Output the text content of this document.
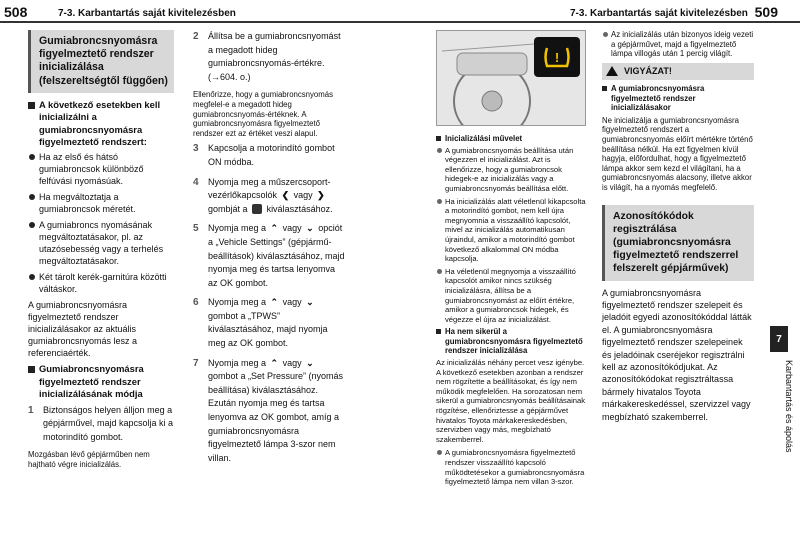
508	7-3. Karbantartás saját kivitelezésben	7-3. Karbantartás saját kivitelezésben 509
Gumiabroncsnyomásra figyelmeztető rendszer inicializálása (felszereltségtől függően)
A következő esetekben kell inicializálni a gumiabroncsnyomásra figyelmeztető rendszert:
Ha az első és hátsó gumiabroncsok különböző felfúvási nyomásúak.
Ha megváltoztatja a gumiabroncsok méretét.
A gumiabroncs nyomásának megváltoztatásakor, pl. az utazósebesség vagy a terhelés megváltoztatásakor.
Két tárolt kerék-garnitúra közötti váltáskor.
A gumiabroncsnyomásra figyelmeztető rendszer inicializálásakor az aktuális gumiabroncsnyomás lesz a referenciaérték.
Gumiabroncsnyomásra figyelmeztető rendszer inicializálásának módja
1 Biztonságos helyen álljon meg a gépjárművel, majd kapcsolja ki a motorindító gombot.
Mozgásban lévő gépjárműben nem hajtható végre inicializálás.
2 Állítsa be a gumiabroncsnyomást a megadott hideg gumiabroncsnyomás-értékre. (→604. o.)
Ellenőrizze, hogy a gumiabroncsnyomás megfelel-e a megadott hideg gumiabroncsnyomás-értéknek. A gumiabroncsnyomásra figyelmeztető rendszer ezt az értéket veszi alapul.
3 Kapcsolja a motorindító gombot ON módba.
4 Nyomja meg a műszercsoport-vezérlőkapcsolók ❮ vagy ❯ gombját a kiválasztásához.
5 Nyomja meg a ⌃ vagy ⌄ opciót a „Vehicle Settings” (gépjármű-beállítások) kiválasztásához, majd nyomja meg és tartsa lenyomva az OK gombot.
6 Nyomja meg a ⌃ vagy ⌄ gombot a „TPWS” kiválasztásához, majd nyomja meg az OK gombot.
7 Nyomja meg a ⌃ vagy ⌄ gombot a „Set Pressure” (nyomás beállítása) kiválasztásához. Ezután nyomja meg és tartsa lenyomva az OK gombot, amíg a gumiabroncsnyomásra figyelmeztető lámpa 3-szor nem villan.
!
Inicializálási művelet
A gumiabroncsnyomás beállítása után végezzen el inicializálást. Azt is ellenőrizze, hogy a gumiabroncsok hidegek-e az inicializálás vagy a gumiabroncsnyomás beállítása előtt.
Ha inicializálás alatt véletlenül kikapcsolta a motorindító gombot, nem kell újra megnyomnia a visszaállító kapcsolót, mivel az inicializálás automatikusan újraindul, amikor a motorindító gombot következő alkalommal ON módba kapcsolja.
Ha véletlenül megnyomja a visszaállító kapcsolót amikor nincs szükség inicializálásra, állítsa be a gumiabroncsnyomást az előírt értékre, amikor a gumiabroncsok hidegek, és végezze el újra az inicializálást.
Ha nem sikerül a gumiabroncsnyomásra figyelmeztető rendszer inicializálása
Az inicializálás néhány percet vesz igénybe. A következő esetekben azonban a rendszer nem rögzítette a beállításokat, és így nem működik megfelelően. Ha sorozatosan nem sikerül a gumiabroncsnyomás beállításainak rögzítése, ellenőriztesse a gépjárművet hivatalos Toyota márkakereskedésben, szervizben vagy más, megbízható szakemberrel.
A gumiabroncsnyomásra figyelmeztető rendszer visszaállító kapcsoló működtetésekor a gumiabroncsnyomásra figyelmeztető lámpa nem villan 3-szor.
Az inicializálás után bizonyos ideig vezeti a gépjárművet, majd a figyelmeztető lámpa villogás után 1 percig világít.
VIGYÁZAT!
A gumiabroncsnyomásra figyelmeztető rendszer inicializálásakor
Ne inicializálja a gumiabroncsnyomásra figyelmeztető rendszert a gumiabroncsnyomás előírt mértékre történő beállítása nélkül. Ha ezt figyelmen kívül hagyja, előfordulhat, hogy a figyelmeztető lámpa akkor sem kezd el világítani, ha a gumiabroncsnyomás alacsony, illetve akkor is világít, ha a nyomás megfelelő.
Azonosítókódok regisztrálása (gumiabroncsnyomásra figyelmeztető rendszerrel felszerelt gépjárművek)
A gumiabroncsnyomásra figyelmeztető rendszer szelepeit és jeladóit egyedi azonosítókóddal látták el. A gumiabroncsnyomásra figyelmeztető rendszer szelepeinek és jeladóinak cseréjekor regisztrálni kell az azonosítókódjukat. Az azonosítókódokat regisztráltassa bármely hivatalos Toyota márkakereskedéssel, szervizzel vagy megbízható szakemberrel.
7
Karbantartás és ápolás
